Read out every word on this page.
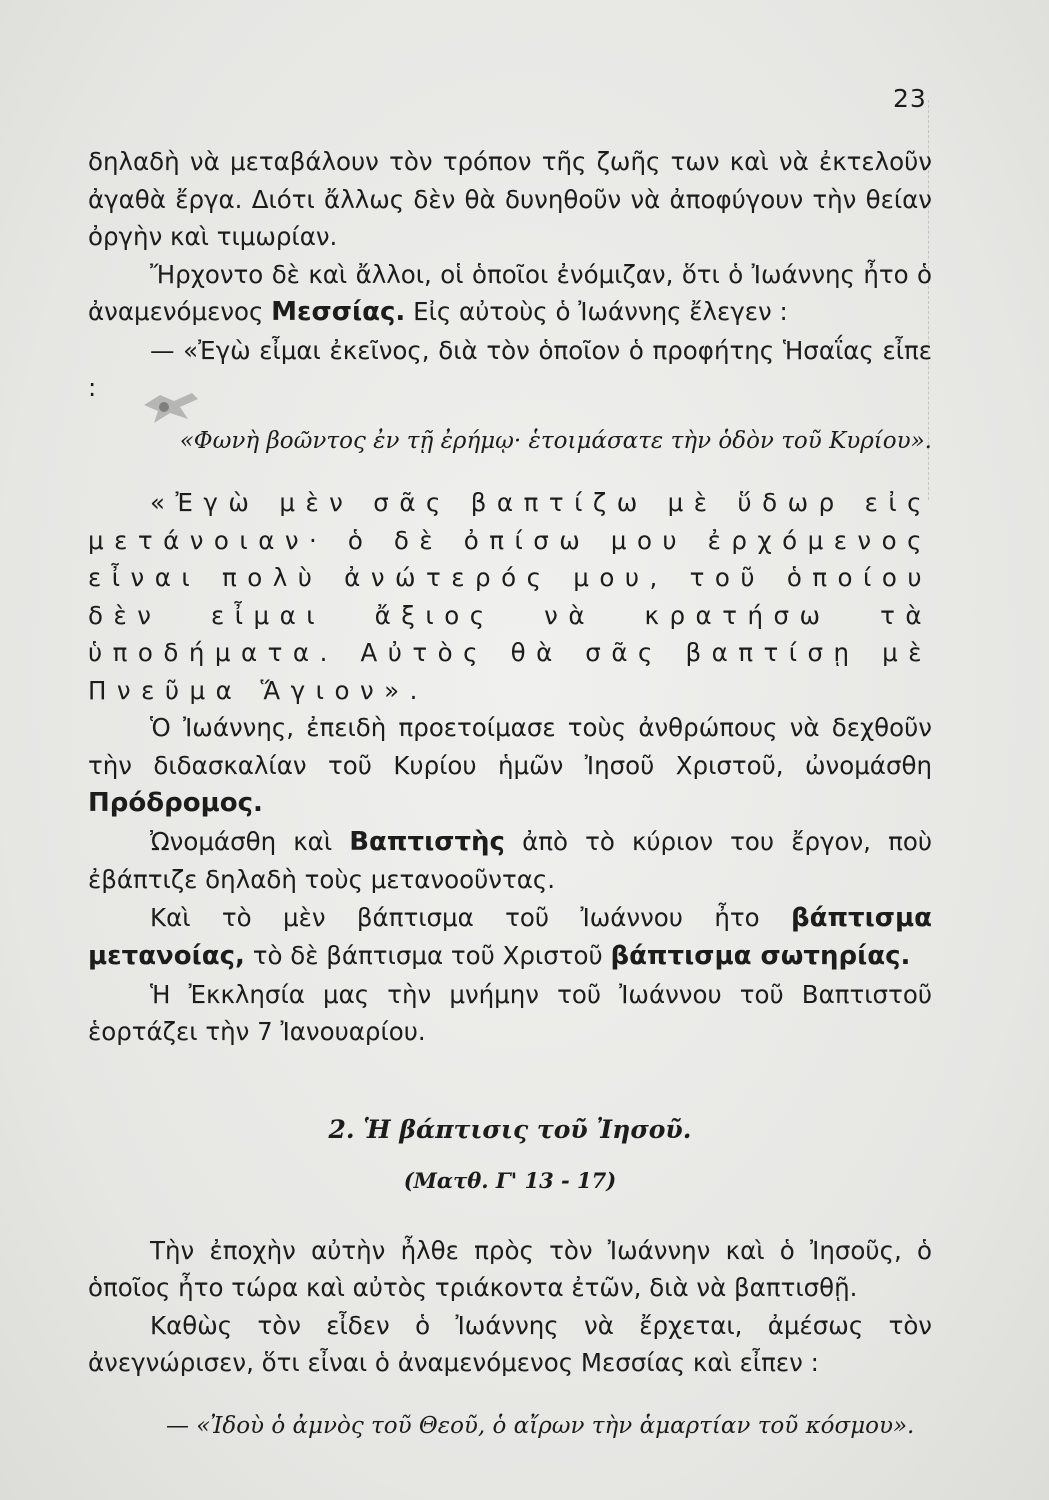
23

δηλαδὴ νὰ μεταβάλουν τὸν τρόπον τῆς ζωῆς των καὶ νὰ ἐκτελοῦν ἀγαθὰ ἔργα. Διότι ἄλλως δὲν θὰ δυνηθοῦν νὰ ἀποφύγουν τὴν θείαν ὀργὴν καὶ τιμωρίαν.

Ἤρχοντο δὲ καὶ ἄλλοι, οἱ ὁποῖοι ἐνόμιζαν, ὅτι ὁ Ἰωάννης ἦτο ὁ ἀναμενόμενος Μεσσίας. Εἰς αὐτοὺς ὁ Ἰωάννης ἔλεγεν :

— «Ἐγὼ εἶμαι ἐκεῖνος, διὰ τὸν ὁποῖον ὁ προφήτης Ἡσαΐας εἶπε :

«Φωνὴ βοῶντος ἐν τῇ ἐρήμῳ· ἑτοιμάσατε τὴν ὁδὸν τοῦ Κυρίου».

«Ἐγὼ μὲν σᾶς βαπτίζω μὲ ὕδωρ εἰς μετάνοιαν· ὁ δὲ ὀπίσω μου ἐρχόμενος εἶναι πολὺ ἀνώτερός μου, τοῦ ὁποίου δὲν εἶμαι ἄξιος νὰ κρατήσω τὰ ὑποδήματα. Αὐτὸς θὰ σᾶς βαπτίσῃ μὲ Πνεῦμα Ἅγιον».

Ὁ Ἰωάννης, ἐπειδὴ προετοίμασε τοὺς ἀνθρώπους νὰ δεχθοῦν τὴν διδασκαλίαν τοῦ Κυρίου ἡμῶν Ἰησοῦ Χριστοῦ, ὠνομάσθη Πρόδρομος.

Ὠνομάσθη καὶ Βαπτιστὴς ἀπὸ τὸ κύριον του ἔργον, ποὺ ἐβάπτιζε δηλαδὴ τοὺς μετανοοῦντας.

Καὶ τὸ μὲν βάπτισμα τοῦ Ἰωάννου ἦτο βάπτισμα μετανοίας, τὸ δὲ βάπτισμα τοῦ Χριστοῦ βάπτισμα σωτηρίας.

Ἡ Ἐκκλησία μας τὴν μνήμην τοῦ Ἰωάννου τοῦ Βαπτιστοῦ ἑορτάζει τὴν 7 Ἰανουαρίου.

2. Ἡ βάπτισις τοῦ Ἰησοῦ.
(Ματθ. Γ' 13 - 17)

Τὴν ἐποχὴν αὐτὴν ἦλθε πρὸς τὸν Ἰωάννην καὶ ὁ Ἰησοῦς, ὁ ὁποῖος ἦτο τώρα καὶ αὐτὸς τριάκοντα ἐτῶν, διὰ νὰ βαπτισθῇ.

Καθὼς τὸν εἶδεν ὁ Ἰωάννης νὰ ἔρχεται, ἀμέσως τὸν ἀνεγνώρισεν, ὅτι εἶναι ὁ ἀναμενόμενος Μεσσίας καὶ εἶπεν :

— «Ἰδοὺ ὁ ἀμνὸς τοῦ Θεοῦ, ὁ αἴρων τὴν ἁμαρτίαν τοῦ κόσμου».
